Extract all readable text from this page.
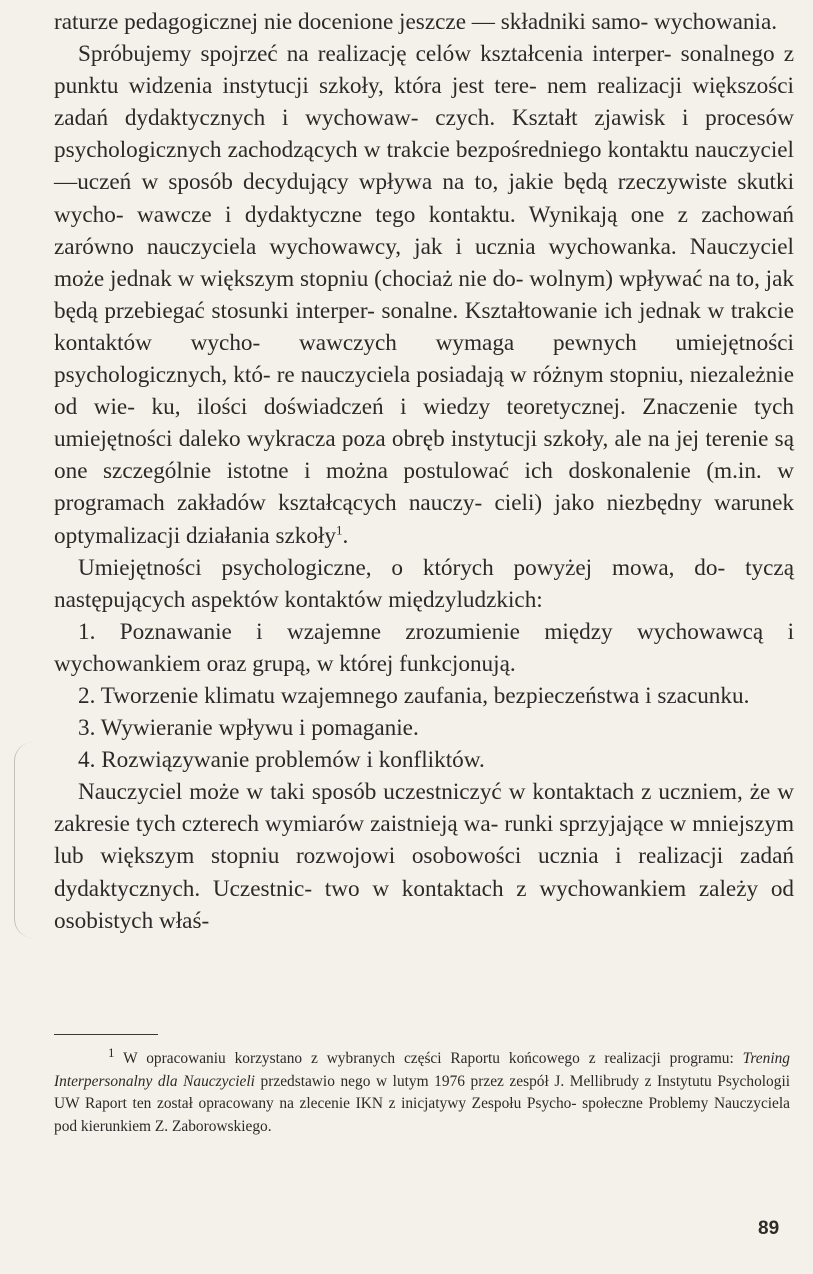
raturze pedagogicznej nie docenione jeszcze — składniki samo- wychowania.

Spróbujemy spojrzeć na realizację celów kształcenia interper- sonalnego z punktu widzenia instytucji szkoły, która jest tere- nem realizacji większości zadań dydaktycznych i wychowaw- czych. Kształt zjawisk i procesów psychologicznych zachodzących w trakcie bezpośredniego kontaktu nauczyciel—uczeń w sposób decydujący wpływa na to, jakie będą rzeczywiste skutki wycho- wawcze i dydaktyczne tego kontaktu. Wynikają one z zachowań zarówno nauczyciela wychowawcy, jak i ucznia wychowanka. Nauczyciel może jednak w większym stopniu (chociaż nie do- wolnym) wpływać na to, jak będą przebiegać stosunki interper- sonalne. Kształtowanie ich jednak w trakcie kontaktów wycho- wawczych wymaga pewnych umiejętności psychologicznych, któ- re nauczyciela posiadają w różnym stopniu, niezależnie od wie- ku, ilości doświadczeń i wiedzy teoretycznej. Znaczenie tych umiejętności daleko wykracza poza obręb instytucji szkoły, ale na jej terenie są one szczególnie istotne i można postulować ich doskonalenie (m.in. w programach zakładów kształcących nauczy- cieli) jako niezbędny warunek optymalizacji działania szkoły$^1$.

Umiejętności psychologiczne, o których powyżej mowa, do- tyczą następujących aspektów kontaktów międzyludzkich:

1. Poznawanie i wzajemne zrozumienie między wychowawcą i wychowankiem oraz grupą, w której funkcjonują.

2. Tworzenie klimatu wzajemnego zaufania, bezpieczeństwa i szacunku.

3. Wywieranie wpływu i pomaganie.

4. Rozwiązywanie problemów i konfliktów.

Nauczyciel może w taki sposób uczestniczyć w kontaktach z uczniem, że w zakresie tych czterech wymiarów zaistnieją wa- runki sprzyjające w mniejszym lub większym stopniu rozwojowi osobowości ucznia i realizacji zadań dydaktycznych. Uczestnic- two w kontaktach z wychowankiem zależy od osobistych właś-

$^1$ W opracowaniu korzystano z wybranych części Raportu końcowego z realizacji programu: Trening Interpersonalny dla Nauczycieli przedstawio nego w lutym 1976 przez zespół J. Mellibrudy z Instytutu Psychologii UW Raport ten został opracowany na zlecenie IKN z inicjatywy Zespołu Psycho- społeczne Problemy Nauczyciela pod kierunkiem Z. Zaborowskiego.

89
